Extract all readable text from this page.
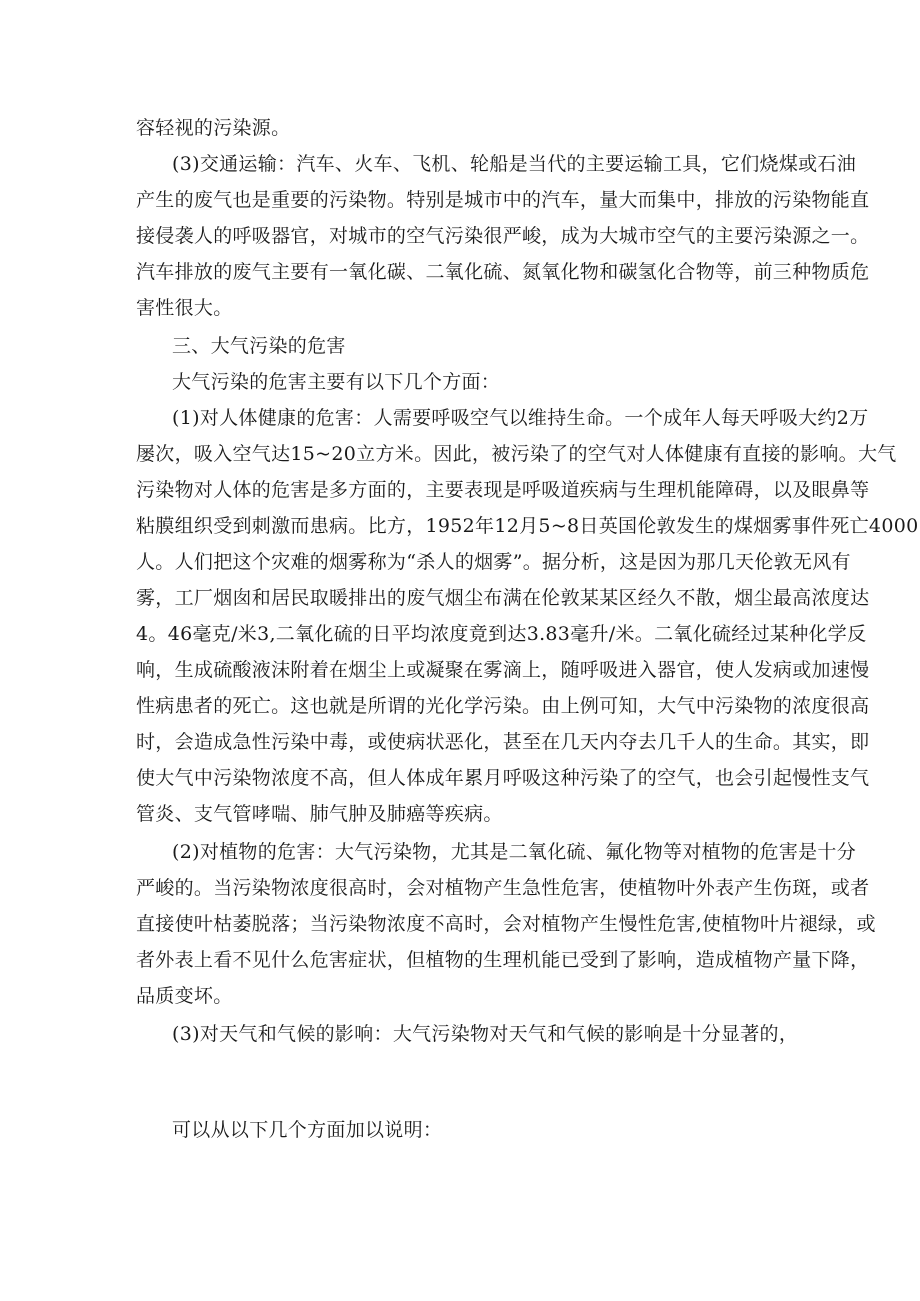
容轻视的污染源。
(3)交通运输：汽车、火车、飞机、轮船是当代的主要运输工具，它们烧煤或石油
产生的废气也是重要的污染物。特别是城市中的汽车，量大而集中，排放的污染物能直
接侵袭人的呼吸器官，对城市的空气污染很严峻，成为大城市空气的主要污染源之一。
汽车排放的废气主要有一氧化碳、二氧化硫、氮氧化物和碳氢化合物等，前三种物质危
害性很大。
三、大气污染的危害
大气污染的危害主要有以下几个方面：
(1)对人体健康的危害：人需要呼吸空气以维持生命。一个成年人每天呼吸大约2万
屡次，吸入空气达15~20立方米。因此，被污染了的空气对人体健康有直接的影响。大气
污染物对人体的危害是多方面的，主要表现是呼吸道疾病与生理机能障碍，以及眼鼻等
粘膜组织受到刺激而患病。比方，1952年12月5~8日英国伦敦发生的煤烟雾事件死亡4000
人。人们把这个灾难的烟雾称为“杀人的烟雾”。据分析，这是因为那几天伦敦无风有
雾，工厂烟囱和居民取暖排出的废气烟尘布满在伦敦某某区经久不散，烟尘最高浓度达
4。46毫克/米3,二氧化硫的日平均浓度竟到达3.83毫升/米。二氧化硫经过某种化学反
响，生成硫酸液沫附着在烟尘上或凝聚在雾滴上，随呼吸进入器官，使人发病或加速慢
性病患者的死亡。这也就是所谓的光化学污染。由上例可知，大气中污染物的浓度很高
时，会造成急性污染中毒，或使病状恶化，甚至在几天内夺去几千人的生命。其实，即
使大气中污染物浓度不高，但人体成年累月呼吸这种污染了的空气，也会引起慢性支气
管炎、支气管哮喘、肺气肿及肺癌等疾病。
(2)对植物的危害：大气污染物，尤其是二氧化硫、氟化物等对植物的危害是十分
严峻的。当污染物浓度很高时，会对植物产生急性危害，使植物叶外表产生伤斑，或者
直接使叶枯萎脱落；当污染物浓度不高时，会对植物产生慢性危害,使植物叶片褪绿，或
者外表上看不见什么危害症状，但植物的生理机能已受到了影响，造成植物产量下降，
品质变坏。
(3)对天气和气候的影响：大气污染物对天气和气候的影响是十分显著的，
可以从以下几个方面加以说明：
